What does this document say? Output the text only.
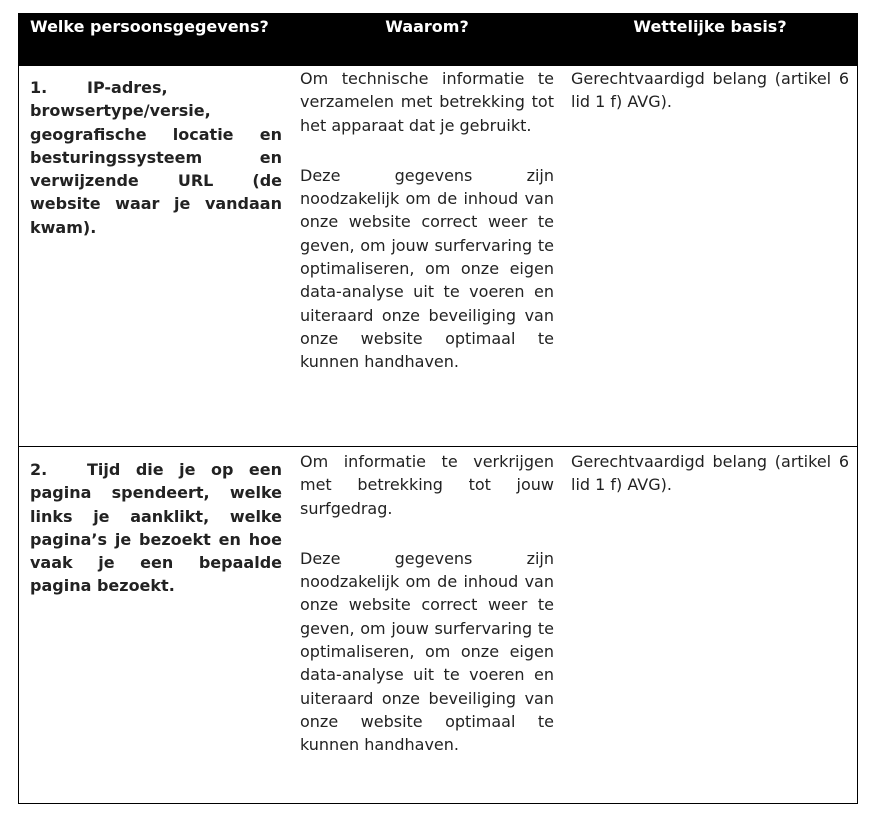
Welke persoonsgegevens?	Waarom?	Wettelijke basis?

1. IP-adres, browsertype/versie, geografische locatie en besturingssysteem en verwijzende URL (de website waar je vandaan kwam).

Om technische informatie te verzamelen met betrekking tot het apparaat dat je gebruikt.

Deze gegevens zijn noodzakelijk om de inhoud van onze website correct weer te geven, om jouw surfervaring te optimaliseren, om onze eigen data-analyse uit te voeren en uiteraard onze beveiliging van onze website optimaal te kunnen handhaven.

Gerechtvaardigd belang (artikel 6 lid 1 f) AVG).

2. Tijd die je op een pagina spendeert, welke links je aanklikt, welke pagina’s je bezoekt en hoe vaak je een bepaalde pagina bezoekt.

Om informatie te verkrijgen met betrekking tot jouw surfgedrag.

Deze gegevens zijn noodzakelijk om de inhoud van onze website correct weer te geven, om jouw surfervaring te optimaliseren, om onze eigen data-analyse uit te voeren en uiteraard onze beveiliging van onze website optimaal te kunnen handhaven.

Gerechtvaardigd belang (artikel 6 lid 1 f) AVG).
